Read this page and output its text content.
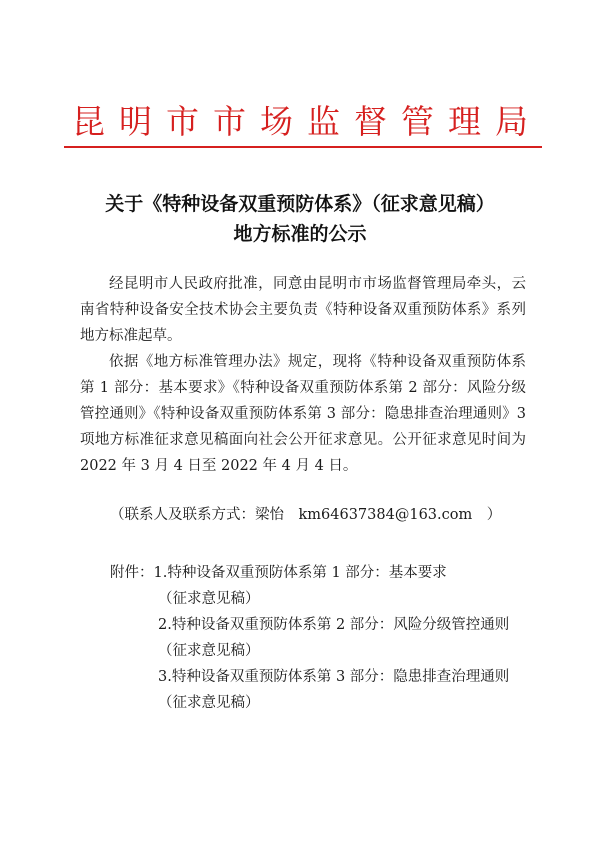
昆明市市场监督管理局
关于《特种设备双重预防体系》（征求意见稿）
地方标准的公示

经昆明市人民政府批准，同意由昆明市市场监督管理局牵头，云南省特种设备安全技术协会主要负责《特种设备双重预防体系》系列地方标准起草。

依据《地方标准管理办法》规定，现将《特种设备双重预防体系第 1 部分：基本要求》《特种设备双重预防体系第 2 部分：风险分级管控通则》《特种设备双重预防体系第 3 部分：隐患排查治理通则》3 项地方标准征求意见稿面向社会公开征求意见。公开征求意见时间为 2022 年 3 月 4 日至 2022 年 4 月 4 日。

（联系人及联系方式：梁怡　km64637384@163.com　）
附件：1.特种设备双重预防体系第 1 部分：基本要求
（征求意见稿）
2.特种设备双重预防体系第 2 部分：风险分级管控通则
（征求意见稿）
3.特种设备双重预防体系第 3 部分：隐患排查治理通则
（征求意见稿）
